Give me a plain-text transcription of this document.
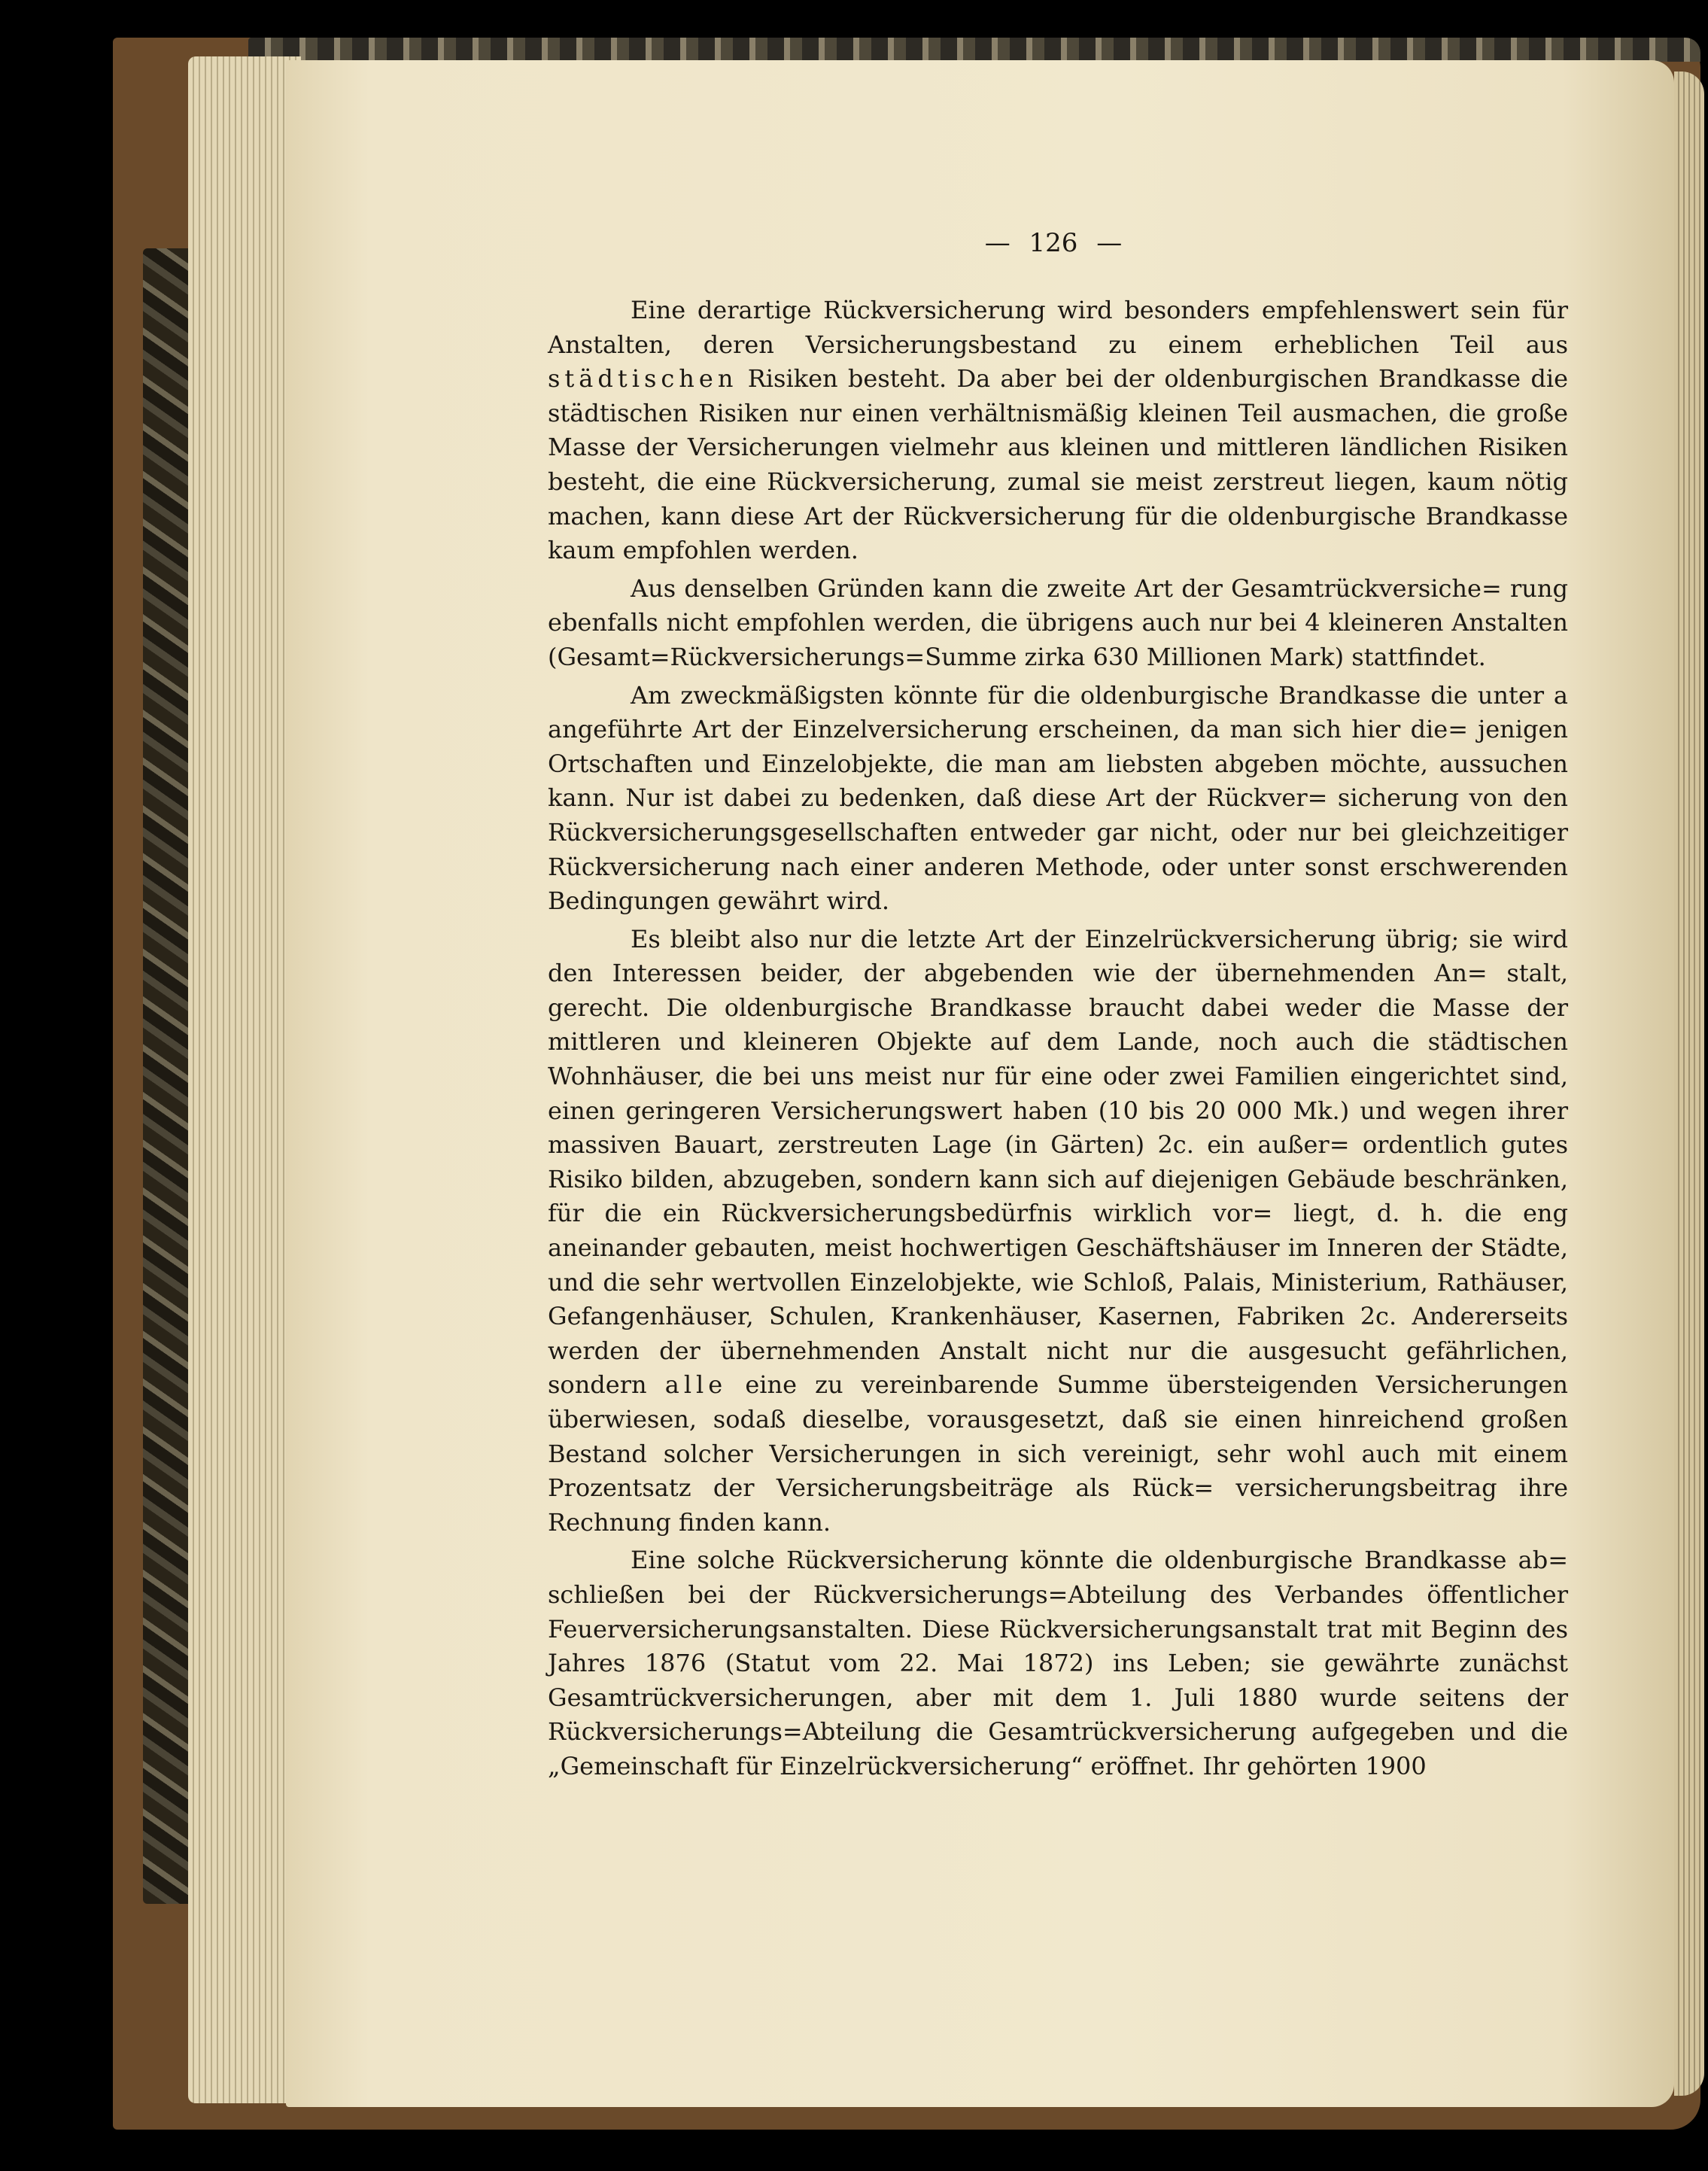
— 126 —

Eine derartige Rückversicherung wird besonders empfehlenswert sein für Anstalten, deren Versicherungsbestand zu einem erheblichen Teil aus städtischen Risiken besteht. Da aber bei der oldenburgischen Brandkasse die städtischen Risiken nur einen verhältnismäßig kleinen Teil ausmachen, die große Masse der Versicherungen vielmehr aus kleinen und mittleren ländlichen Risiken besteht, die eine Rückversicherung, zumal sie meist zerstreut liegen, kaum nötig machen, kann diese Art der Rückversicherung für die oldenburgische Brandkasse kaum empfohlen werden.

Aus denselben Gründen kann die zweite Art der Gesamtrückversiche= rung ebenfalls nicht empfohlen werden, die übrigens auch nur bei 4 kleineren Anstalten (Gesamt=Rückversicherungs=Summe zirka 630 Millionen Mark) stattfindet.

Am zweckmäßigsten könnte für die oldenburgische Brandkasse die unter a angeführte Art der Einzelversicherung erscheinen, da man sich hier die= jenigen Ortschaften und Einzelobjekte, die man am liebsten abgeben möchte, aussuchen kann. Nur ist dabei zu bedenken, daß diese Art der Rückver= sicherung von den Rückversicherungsgesellschaften entweder gar nicht, oder nur bei gleichzeitiger Rückversicherung nach einer anderen Methode, oder unter sonst erschwerenden Bedingungen gewährt wird.

Es bleibt also nur die letzte Art der Einzelrückversicherung übrig; sie wird den Interessen beider, der abgebenden wie der übernehmenden An= stalt, gerecht. Die oldenburgische Brandkasse braucht dabei weder die Masse der mittleren und kleineren Objekte auf dem Lande, noch auch die städtischen Wohnhäuser, die bei uns meist nur für eine oder zwei Familien eingerichtet sind, einen geringeren Versicherungswert haben (10 bis 20 000 Mk.) und wegen ihrer massiven Bauart, zerstreuten Lage (in Gärten) 2c. ein außer= ordentlich gutes Risiko bilden, abzugeben, sondern kann sich auf diejenigen Gebäude beschränken, für die ein Rückversicherungsbedürfnis wirklich vor= liegt, d. h. die eng aneinander gebauten, meist hochwertigen Geschäftshäuser im Inneren der Städte, und die sehr wertvollen Einzelobjekte, wie Schloß, Palais, Ministerium, Rathäuser, Gefangenhäuser, Schulen, Krankenhäuser, Kasernen, Fabriken 2c. Andererseits werden der übernehmenden Anstalt nicht nur die ausgesucht gefährlichen, sondern alle eine zu vereinbarende Summe übersteigenden Versicherungen überwiesen, sodaß dieselbe, vorausgesetzt, daß sie einen hinreichend großen Bestand solcher Versicherungen in sich vereinigt, sehr wohl auch mit einem Prozentsatz der Versicherungsbeiträge als Rück= versicherungsbeitrag ihre Rechnung finden kann.

Eine solche Rückversicherung könnte die oldenburgische Brandkasse ab= schließen bei der Rückversicherungs=Abteilung des Verbandes öffentlicher Feuerversicherungsanstalten. Diese Rückversicherungsanstalt trat mit Beginn des Jahres 1876 (Statut vom 22. Mai 1872) ins Leben; sie gewährte zunächst Gesamtrückversicherungen, aber mit dem 1. Juli 1880 wurde seitens der Rückversicherungs=Abteilung die Gesamtrückversicherung aufgegeben und die „Gemeinschaft für Einzelrückversicherung“ eröffnet. Ihr gehörten 1900
